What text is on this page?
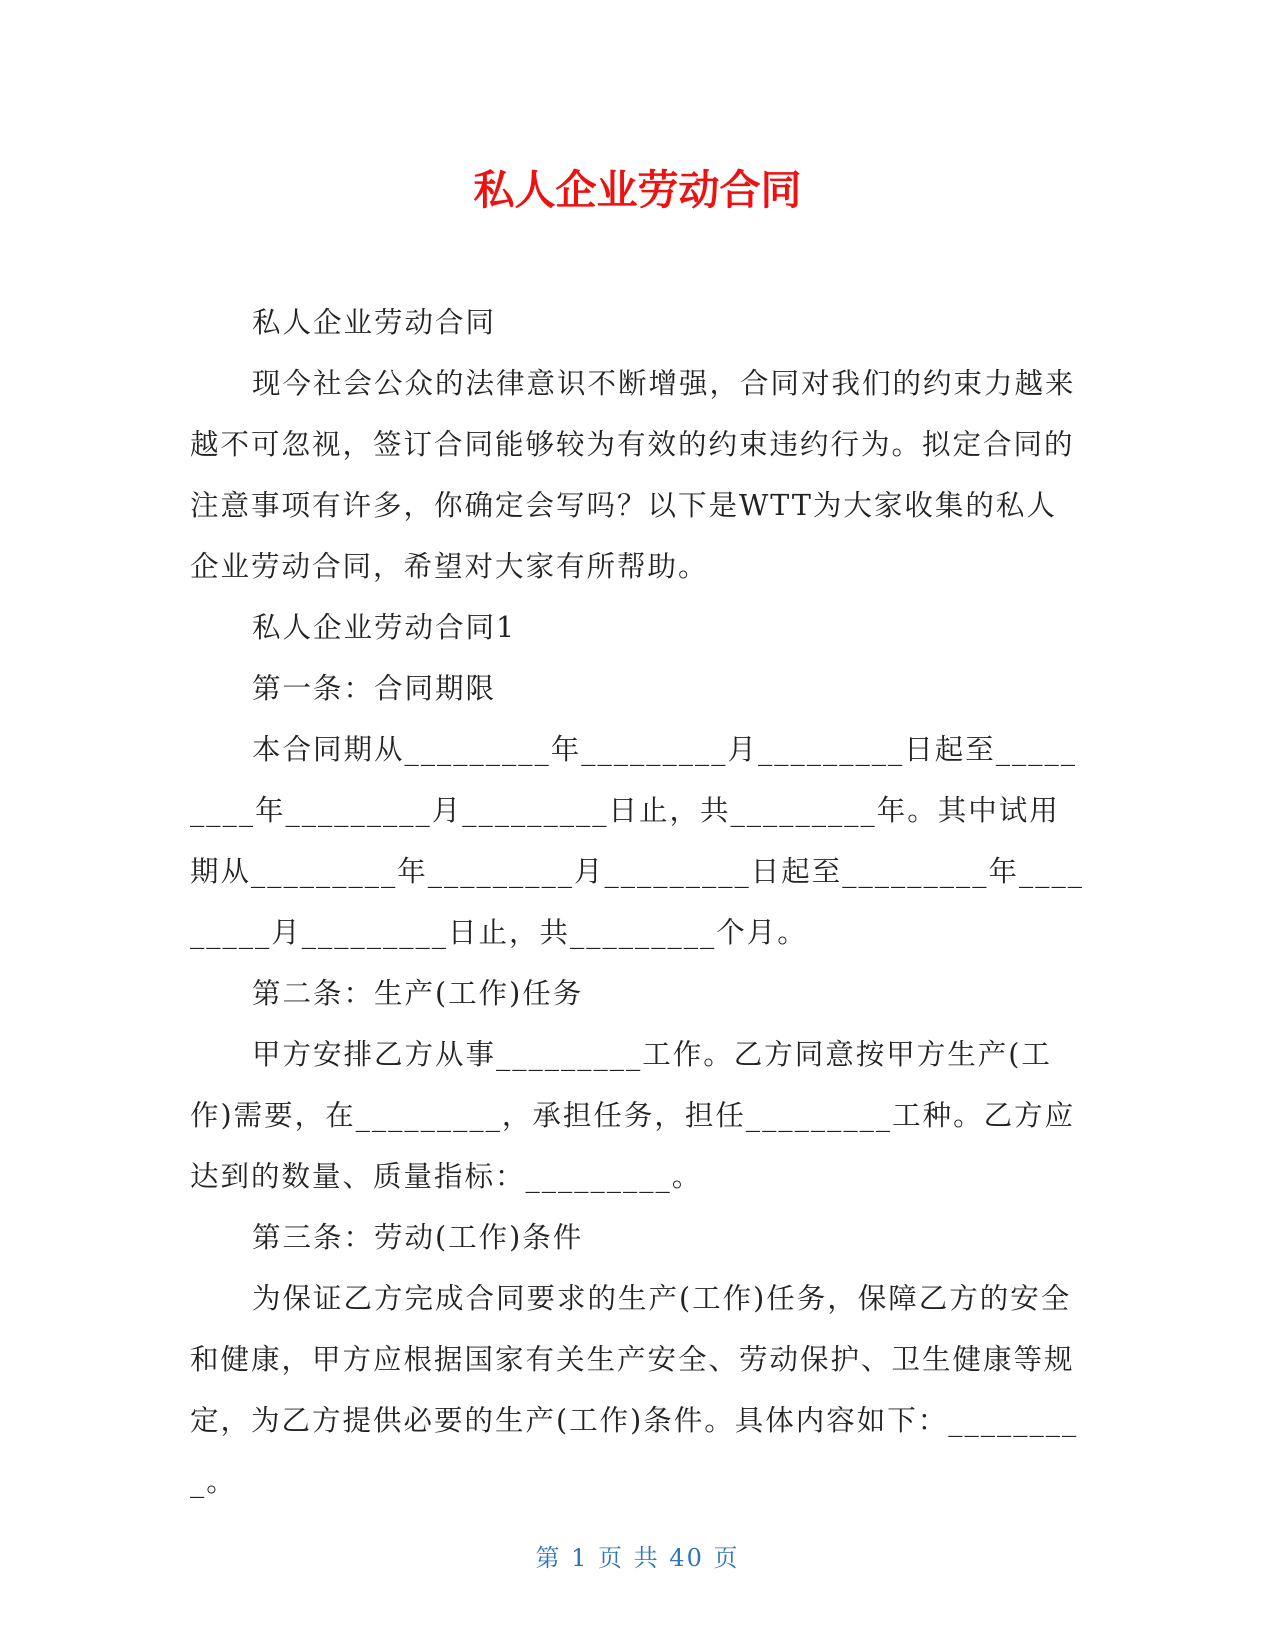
私人企业劳动合同

私人企业劳动合同

现今社会公众的法律意识不断增强，合同对我们的约束力越来越不可忽视，签订合同能够较为有效的约束违约行为。拟定合同的注意事项有许多，你确定会写吗？以下是WTT为大家收集的私人企业劳动合同，希望对大家有所帮助。

私人企业劳动合同1

第一条：合同期限

本合同期从_________年_________月_________日起至_________年_________月_________日止，共_________年。其中试用期从_________年_________月_________日起至_________年_________月_________日止，共_________个月。

第二条：生产(工作)任务

甲方安排乙方从事_________工作。乙方同意按甲方生产(工作)需要，在_________，承担任务，担任_________工种。乙方应达到的数量、质量指标：_________。

第三条：劳动(工作)条件

为保证乙方完成合同要求的生产(工作)任务，保障乙方的安全和健康，甲方应根据国家有关生产安全、劳动保护、卫生健康等规定，为乙方提供必要的生产(工作)条件。具体内容如下：_________。

第 1 页 共 40 页
